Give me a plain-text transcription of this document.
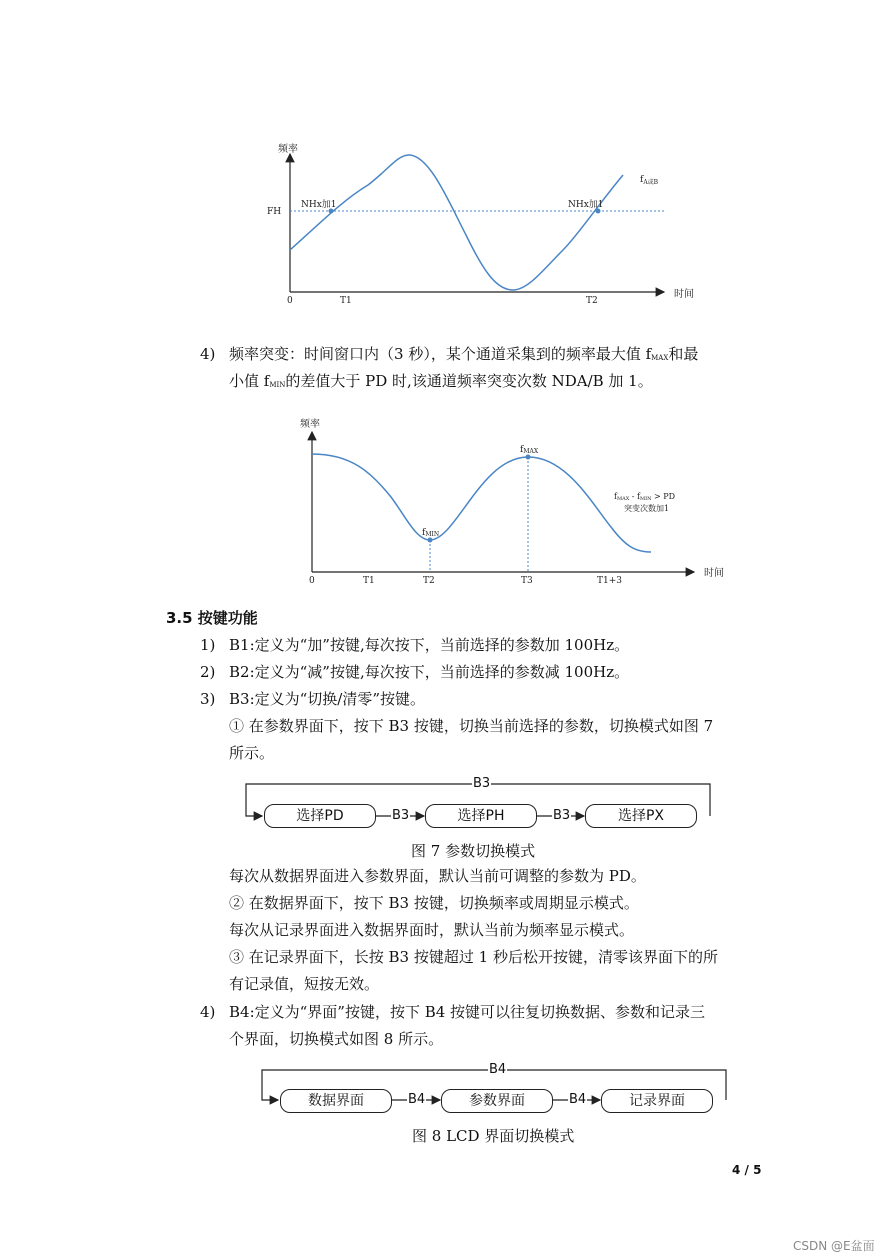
频率
时间
0
FH
NHx加1	NHx加1
$f_{A或B}$
T1	T2
4) 频率突变：时间窗口内（3 秒），某个通道采集到的频率最大值 fMAX和最
小值 fMIN的差值大于 PD 时,该通道频率突变次数 NDA/B 加 1。
频率
时间
0
fMAX
fMIN
fMAX - fMIN > PD
突变次数加1
T1	T2	T3	T1+3
3.5 按键功能
1) B1:定义为“加”按键,每次按下，当前选择的参数加 100Hz。
2) B2:定义为“减”按键,每次按下，当前选择的参数减 100Hz。
3) B3:定义为“切换/清零”按键。
① 在参数界面下，按下 B3 按键，切换当前选择的参数，切换模式如图 7
所示。
B3
B3	B3
选择PD	选择PH	选择PX
图 7 参数切换模式
每次从数据界面进入参数界面，默认当前可调整的参数为 PD。
② 在数据界面下，按下 B3 按键，切换频率或周期显示模式。
每次从记录界面进入数据界面时，默认当前为频率显示模式。
③ 在记录界面下，长按 B3 按键超过 1 秒后松开按键，清零该界面下的所
有记录值，短按无效。
4) B4:定义为“界面”按键，按下 B4 按键可以往复切换数据、参数和记录三
个界面，切换模式如图 8 所示。
B4
B4	B4
数据界面	参数界面	记录界面
图 8 LCD 界面切换模式
4 / 5
CSDN @E盆面
